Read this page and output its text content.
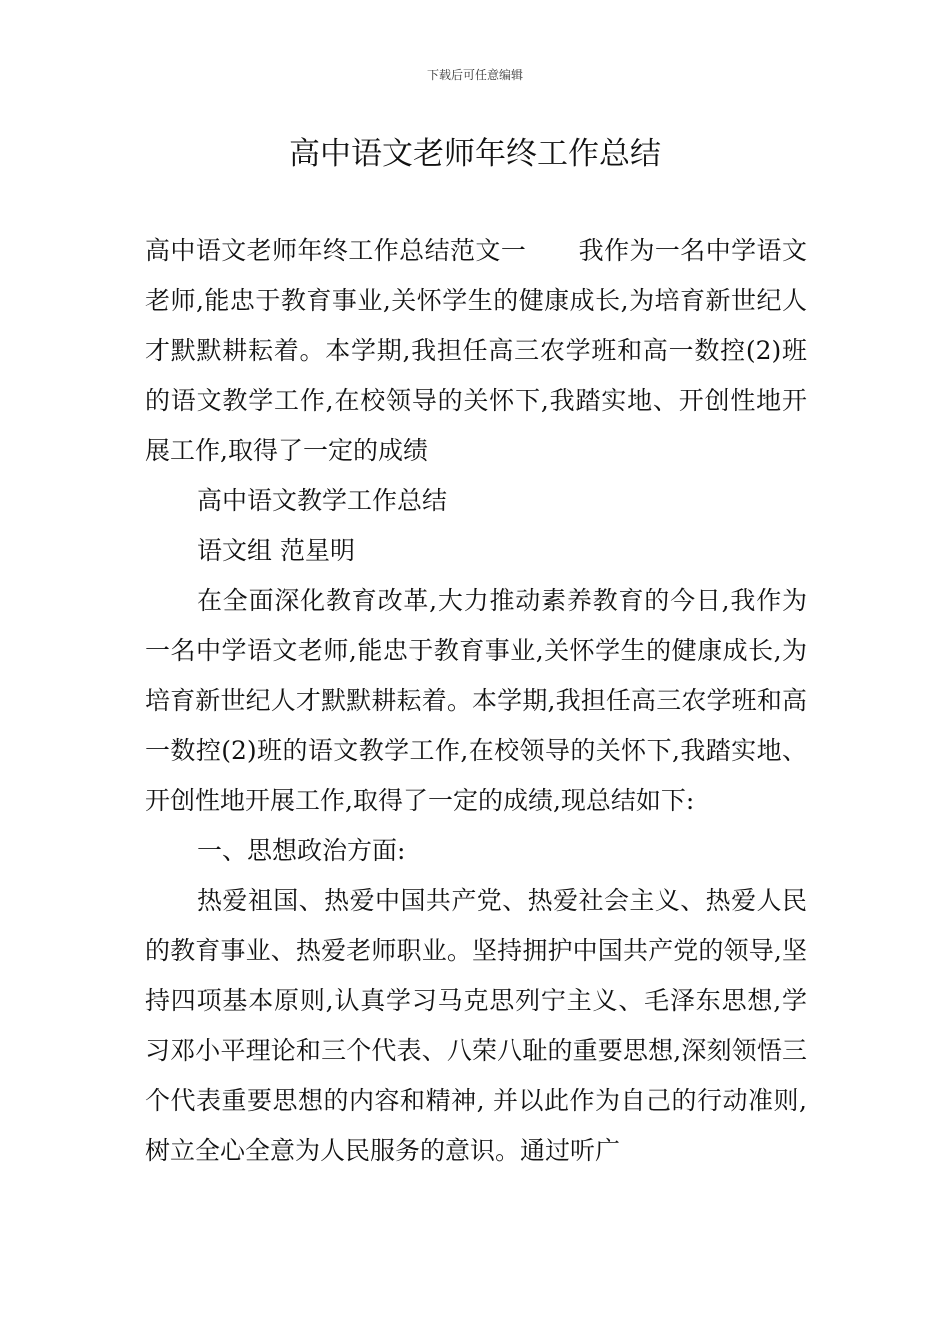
下载后可任意编辑
高中语文老师年终工作总结

高中语文老师年终工作总结范文一 我作为一名中学语文老师,能忠于教育事业,关怀学生的健康成长,为培育新世纪人才默默耕耘着。本学期,我担任高三农学班和高一数控(2)班的语文教学工作,在校领导的关怀下,我踏实地、开创性地开展工作,取得了一定的成绩

高中语文教学工作总结

语文组 范星明

在全面深化教育改革,大力推动素养教育的今日,我作为一名中学语文老师,能忠于教育事业,关怀学生的健康成长,为培育新世纪人才默默耕耘着。本学期,我担任高三农学班和高一数控(2)班的语文教学工作,在校领导的关怀下,我踏实地、开创性地开展工作,取得了一定的成绩,现总结如下:

一、思想政治方面:

热爱祖国、热爱中国共产党、热爱社会主义、热爱人民的教育事业、热爱老师职业。坚持拥护中国共产党的领导,坚持四项基本原则,认真学习马克思列宁主义、毛泽东思想,学习邓小平理论和三个代表、八荣八耻的重要思想,深刻领悟三个代表重要思想的内容和精神, 并以此作为自己的行动准则,树立全心全意为人民服务的意识。通过听广
